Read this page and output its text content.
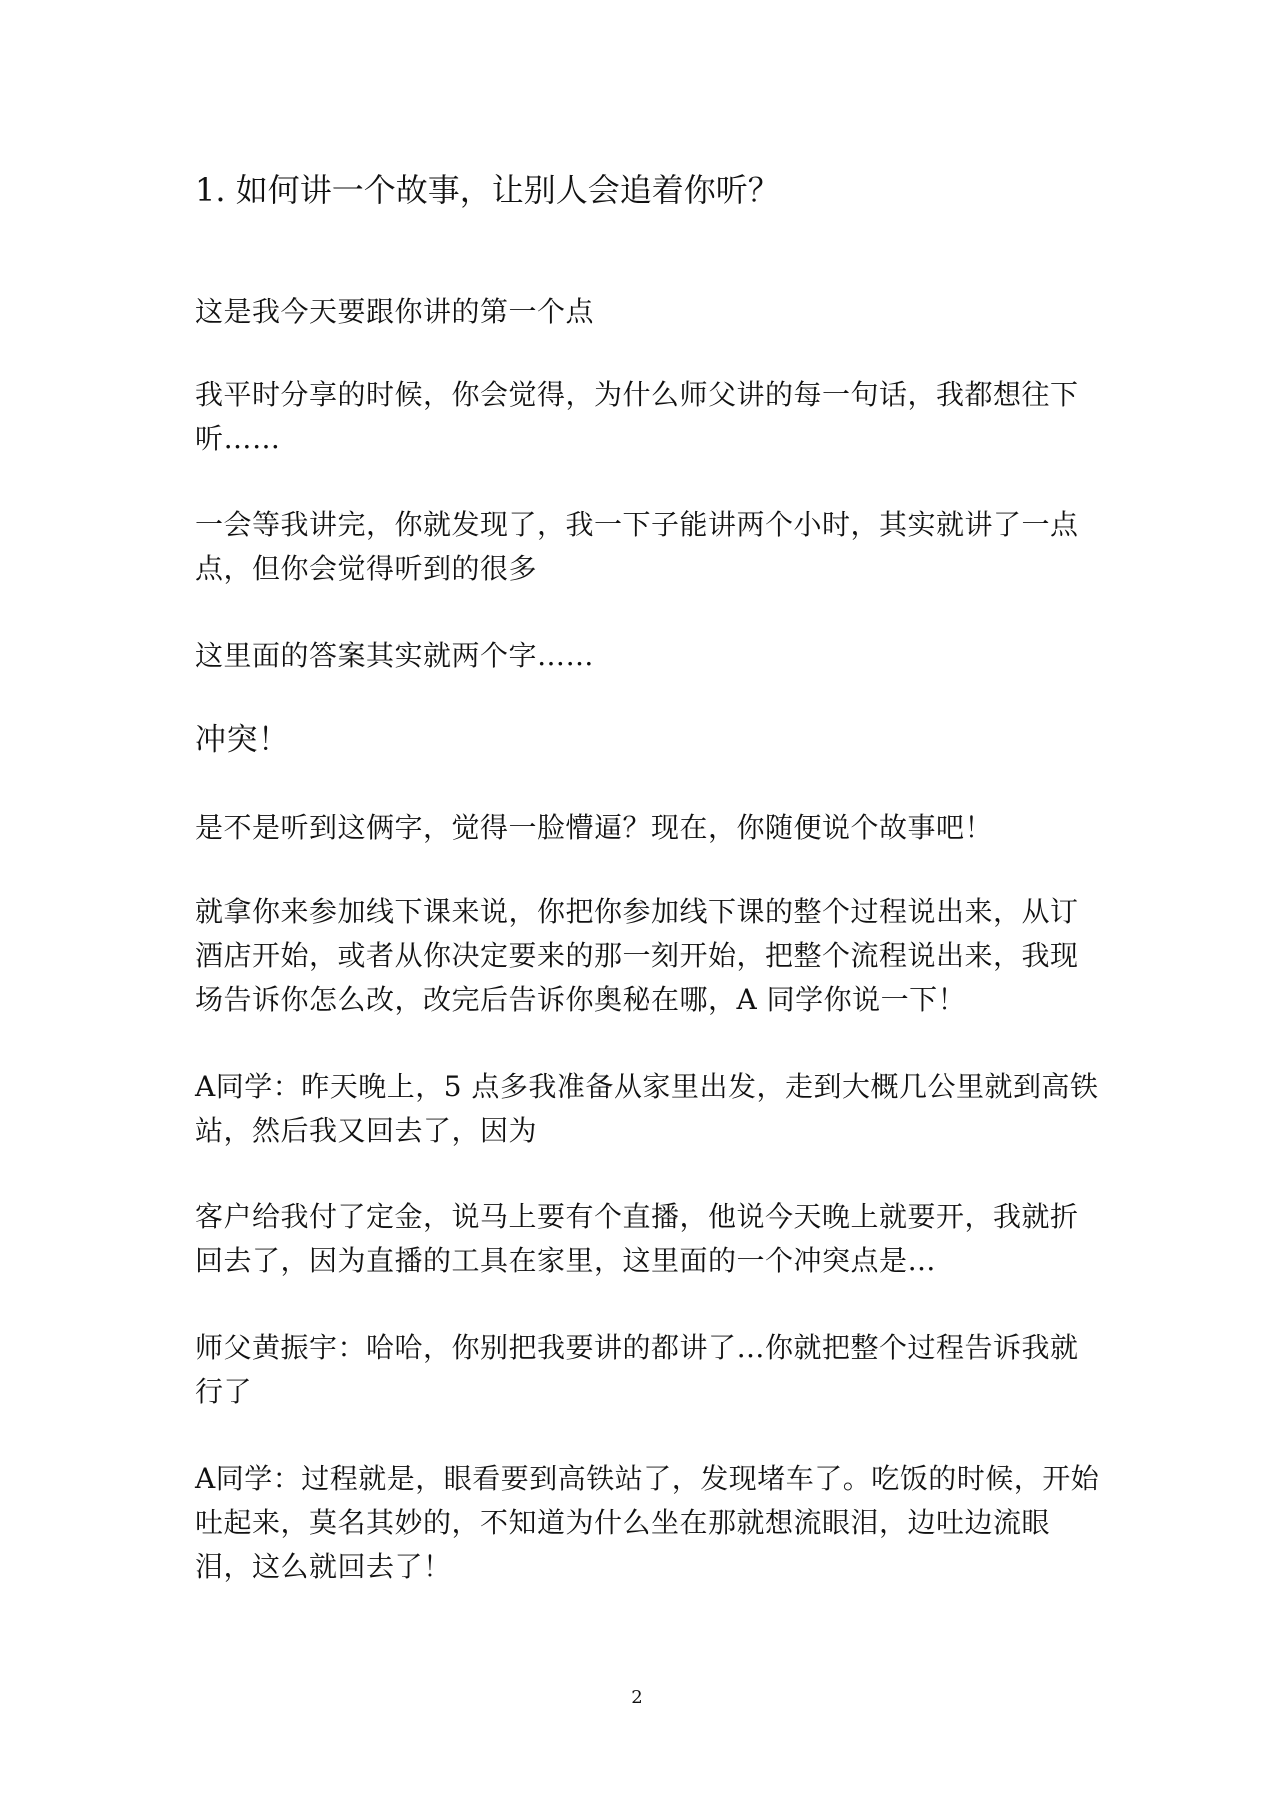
1. 如何讲一个故事，让别人会追着你听？
这是我今天要跟你讲的第一个点
我平时分享的时候，你会觉得，为什么师父讲的每一句话，我都想往下听……
一会等我讲完，你就发现了，我一下子能讲两个小时，其实就讲了一点点，但你会觉得听到的很多
这里面的答案其实就两个字……
冲突！
是不是听到这俩字，觉得一脸懵逼？现在，你随便说个故事吧！
就拿你来参加线下课来说，你把你参加线下课的整个过程说出来，从订酒店开始，或者从你决定要来的那一刻开始，把整个流程说出来，我现场告诉你怎么改，改完后告诉你奥秘在哪，A 同学你说一下！
A同学：昨天晚上，5 点多我准备从家里出发，走到大概几公里就到高铁站，然后我又回去了，因为
客户给我付了定金，说马上要有个直播，他说今天晚上就要开，我就折回去了，因为直播的工具在家里，这里面的一个冲突点是…
师父黄振宇：哈哈，你别把我要讲的都讲了…你就把整个过程告诉我就行了
A同学：过程就是，眼看要到高铁站了，发现堵车了。吃饭的时候，开始吐起来，莫名其妙的，不知道为什么坐在那就想流眼泪，边吐边流眼泪，这么就回去了！
2
